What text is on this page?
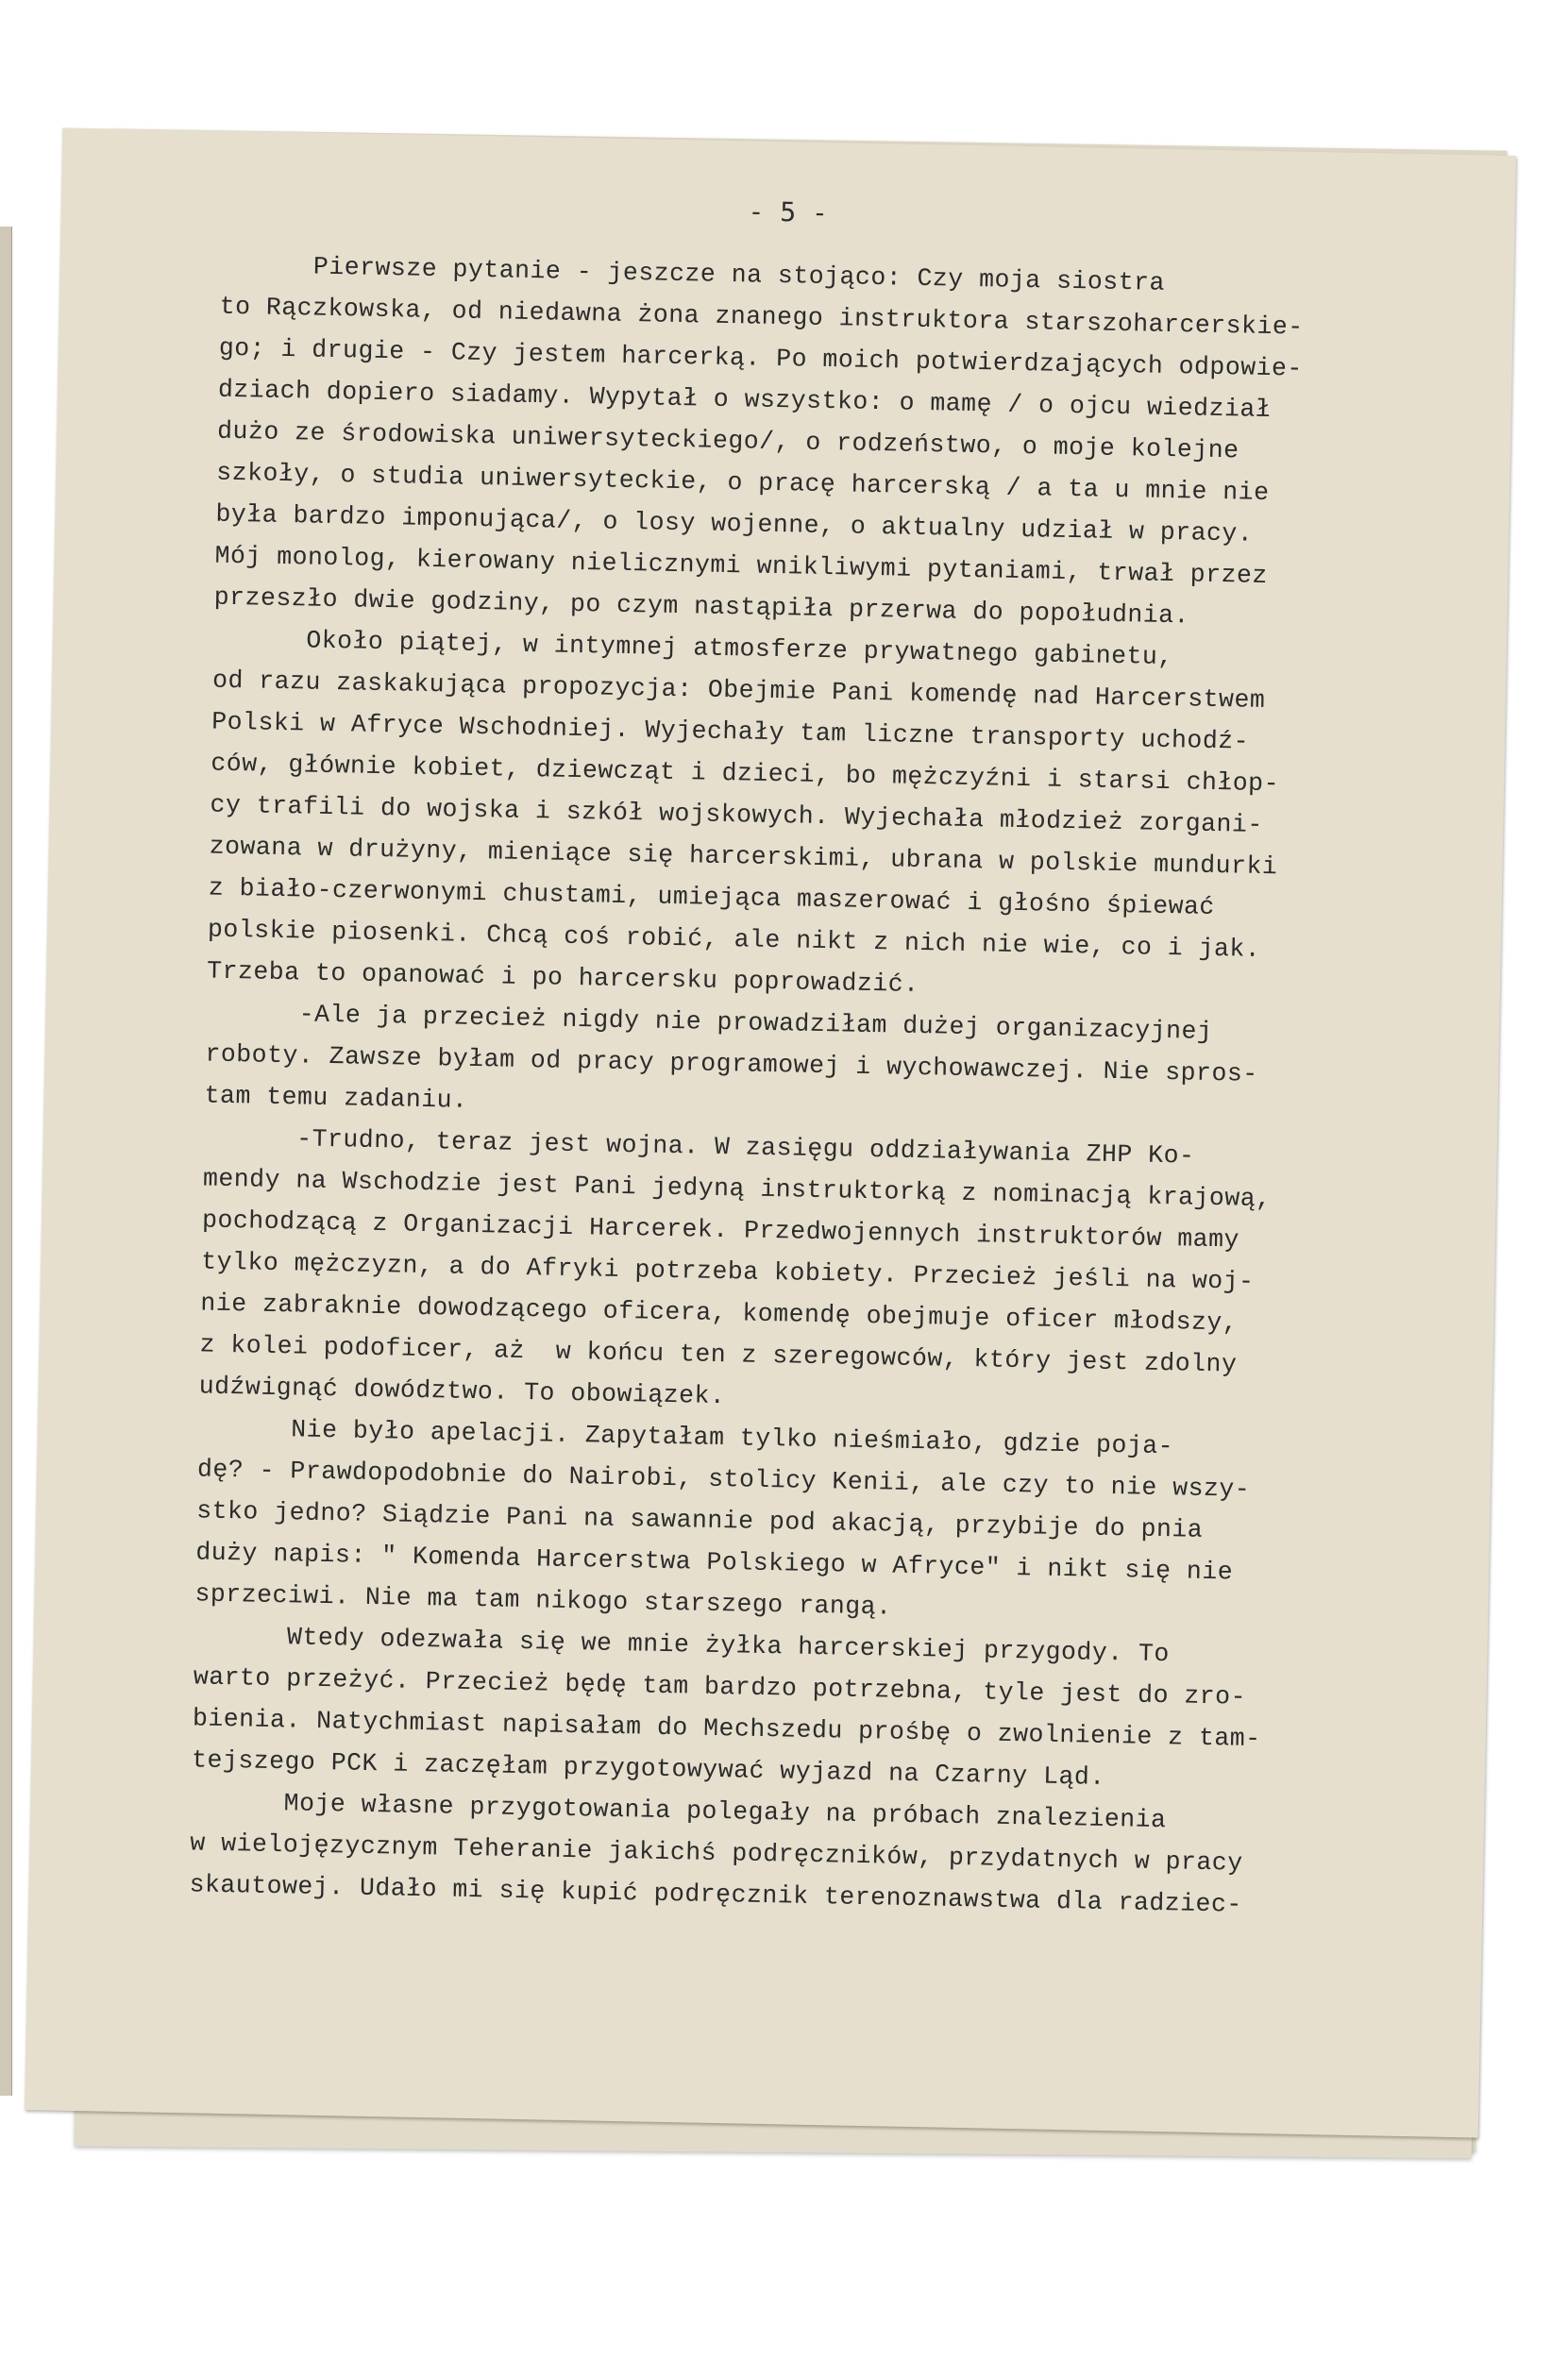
- 5 -
Pierwsze pytanie - jeszcze na stojąco: Czy moja siostra
to Rączkowska, od niedawna żona znanego instruktora starszoharcerskie-
go; i drugie - Czy jestem harcerką. Po moich potwierdzających odpowie-
dziach dopiero siadamy. Wypytał o wszystko: o mamę / o ojcu wiedział
dużo ze środowiska uniwersyteckiego/, o rodzeństwo, o moje kolejne
szkoły, o studia uniwersyteckie, o pracę harcerską / a ta u mnie nie
była bardzo imponująca/, o losy wojenne, o aktualny udział w pracy.
Mój monolog, kierowany nielicznymi wnikliwymi pytaniami, trwał przez
przeszło dwie godziny, po czym nastąpiła przerwa do popołudnia.
Około piątej, w intymnej atmosferze prywatnego gabinetu,
od razu zaskakująca propozycja: Obejmie Pani komendę nad Harcerstwem
Polski w Afryce Wschodniej. Wyjechały tam liczne transporty uchodź-
ców, głównie kobiet, dziewcząt i dzieci, bo mężczyźni i starsi chłop-
cy trafili do wojska i szkół wojskowych. Wyjechała młodzież zorgani-
zowana w drużyny, mieniące się harcerskimi, ubrana w polskie mundurki
z biało-czerwonymi chustami, umiejąca maszerować i głośno śpiewać
polskie piosenki. Chcą coś robić, ale nikt z nich nie wie, co i jak.
Trzeba to opanować i po harcersku poprowadzić.
-Ale ja przecież nigdy nie prowadziłam dużej organizacyjnej
roboty. Zawsze byłam od pracy programowej i wychowawczej. Nie spros-
tam temu zadaniu.
-Trudno, teraz jest wojna. W zasięgu oddziaływania ZHP Ko-
mendy na Wschodzie jest Pani jedyną instruktorką z nominacją krajową,
pochodzącą z Organizacji Harcerek. Przedwojennych instruktorów mamy
tylko mężczyzn, a do Afryki potrzeba kobiety. Przecież jeśli na woj-
nie zabraknie dowodzącego oficera, komendę obejmuje oficer młodszy,
z kolei podoficer, aż  w końcu ten z szeregowców, który jest zdolny
udźwignąć dowództwo. To obowiązek.
Nie było apelacji. Zapytałam tylko nieśmiało, gdzie poja-
dę? - Prawdopodobnie do Nairobi, stolicy Kenii, ale czy to nie wszy-
stko jedno? Siądzie Pani na sawannie pod akacją, przybije do pnia
duży napis: " Komenda Harcerstwa Polskiego w Afryce" i nikt się nie
sprzeciwi. Nie ma tam nikogo starszego rangą.
Wtedy odezwała się we mnie żyłka harcerskiej przygody. To
warto przeżyć. Przecież będę tam bardzo potrzebna, tyle jest do zro-
bienia. Natychmiast napisałam do Mechszedu prośbę o zwolnienie z tam-
tejszego PCK i zaczęłam przygotowywać wyjazd na Czarny Ląd.
Moje własne przygotowania polegały na próbach znalezienia
w wielojęzycznym Teheranie jakichś podręczników, przydatnych w pracy
skautowej. Udało mi się kupić podręcznik terenoznawstwa dla radziec-
